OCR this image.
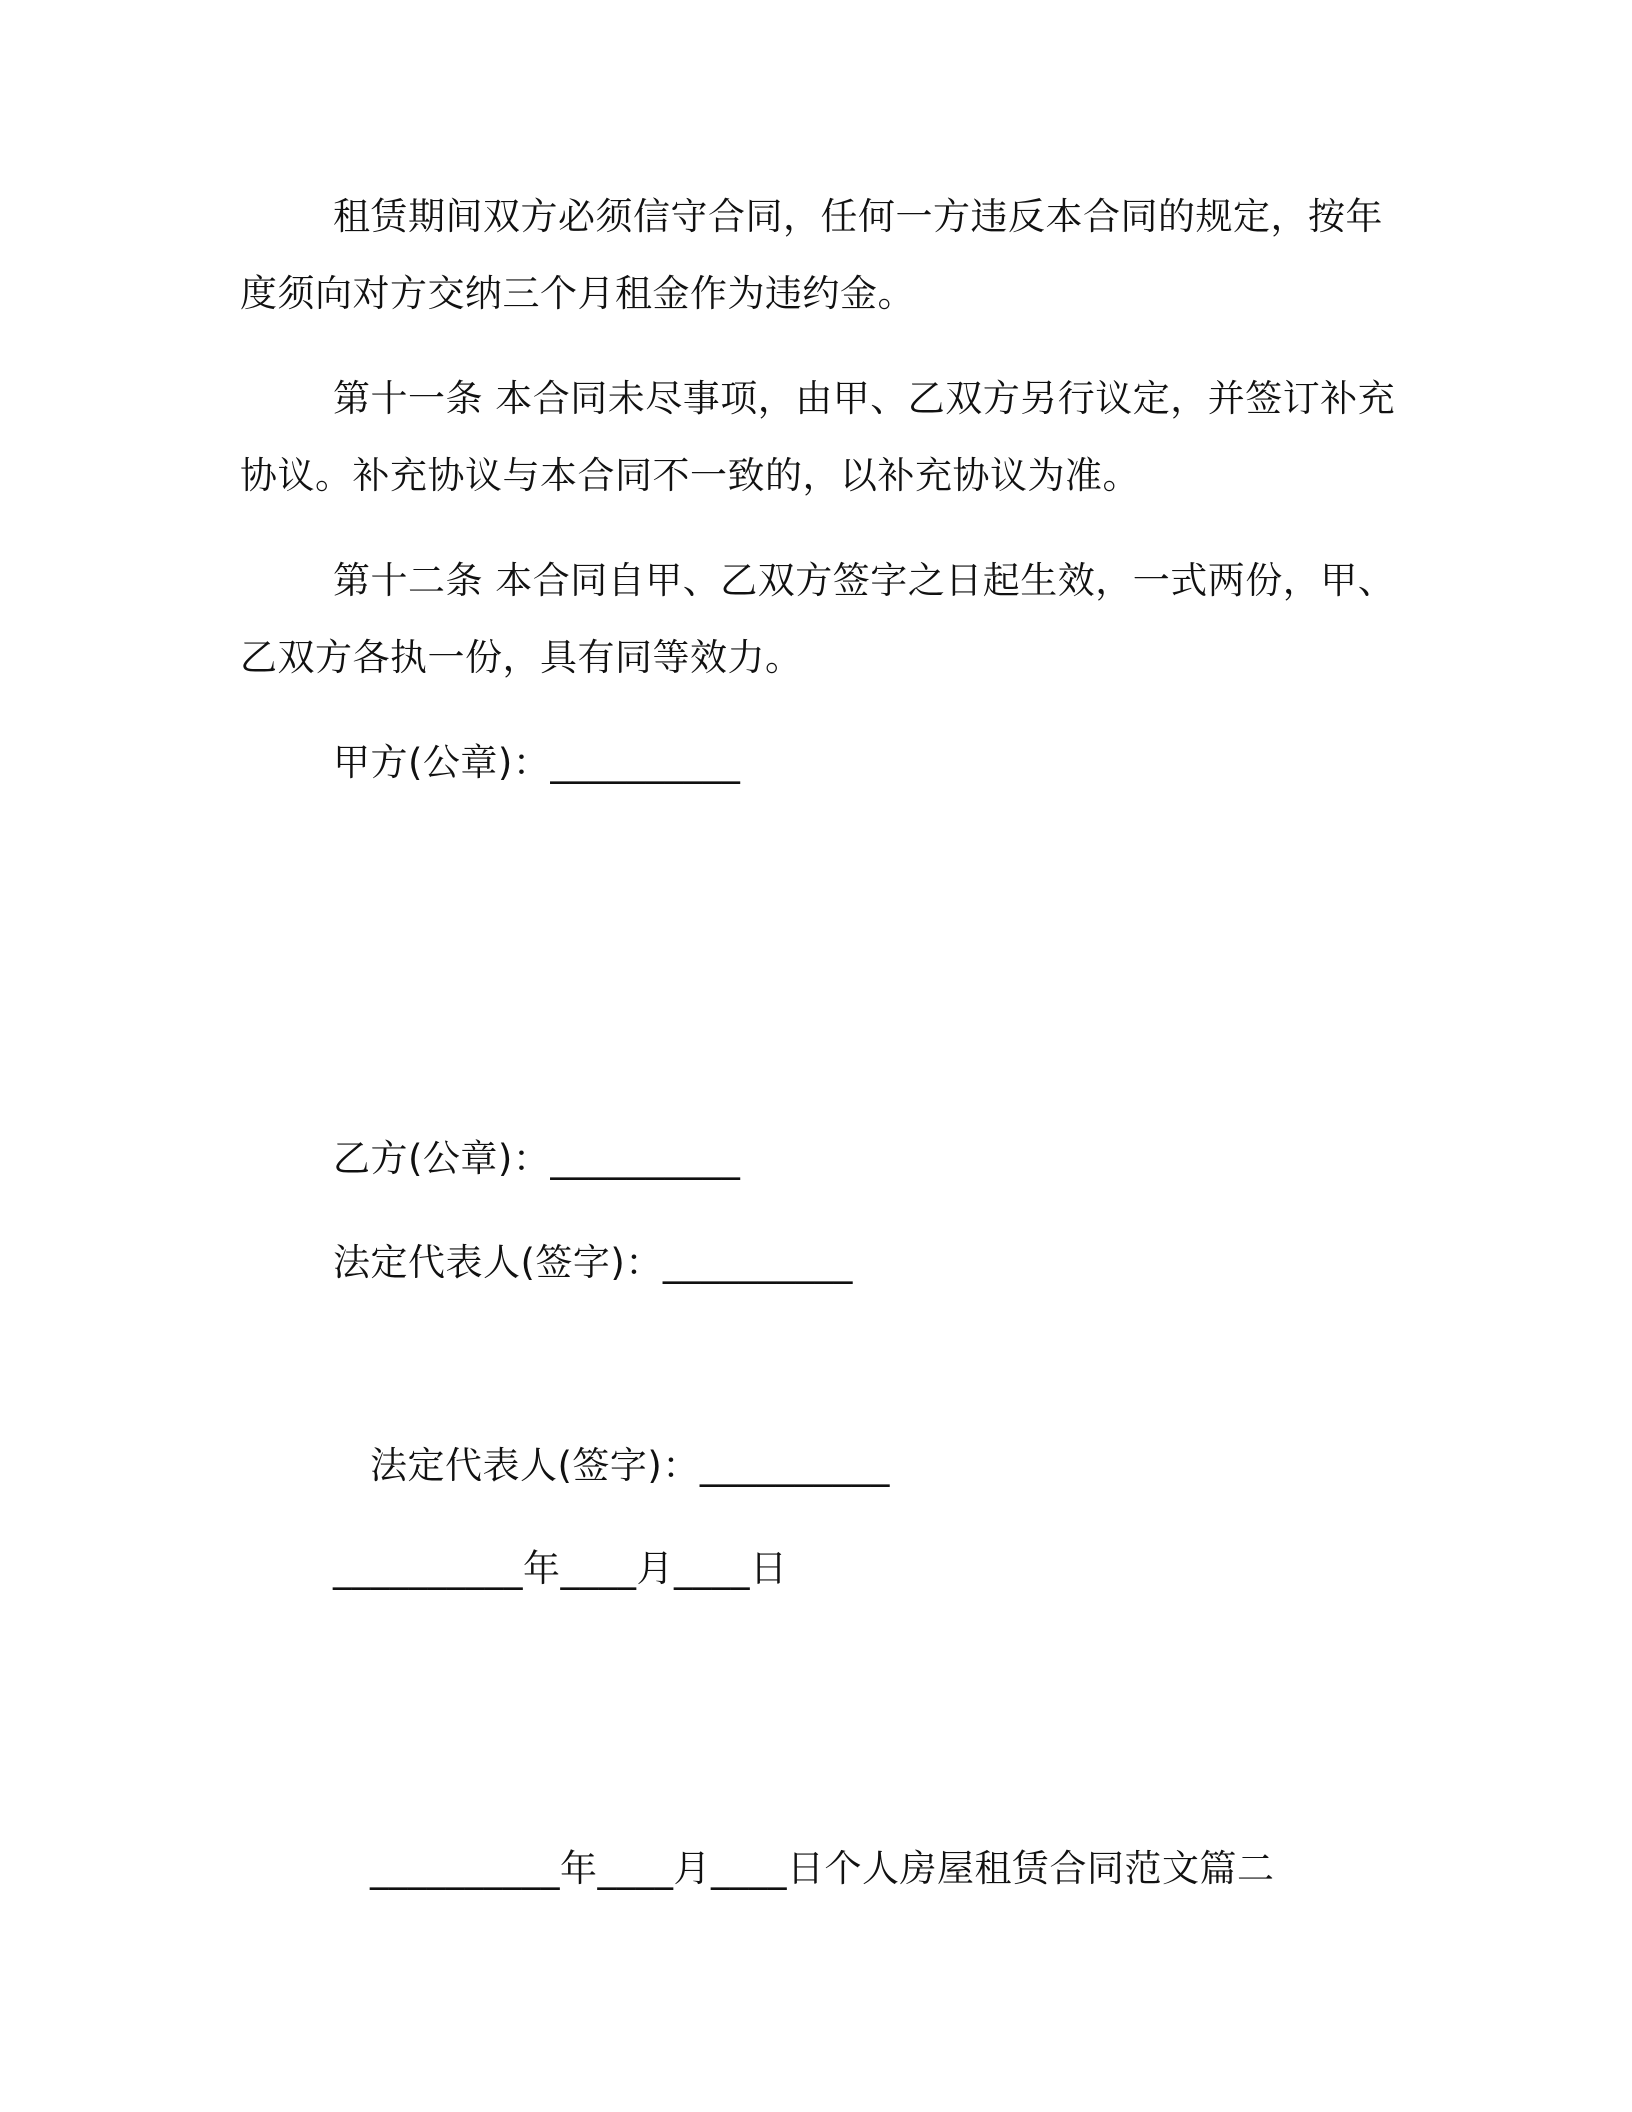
租赁期间双方必须信守合同，任何一方违反本合同的规定，按年
度须向对方交纳三个月租金作为违约金。
第十一条 本合同未尽事项，由甲、乙双方另行议定，并签订补充
协议。补充协议与本合同不一致的，以补充协议为准。
第十二条 本合同自甲、乙双方签字之日起生效，一式两份，甲、
乙双方各执一份，具有同等效力。
甲方(公章)：__________
乙方(公章)：__________
法定代表人(签字)：__________
法定代表人(签字)：__________
__________年____月____日
__________年____月____日个人房屋租赁合同范文篇二
